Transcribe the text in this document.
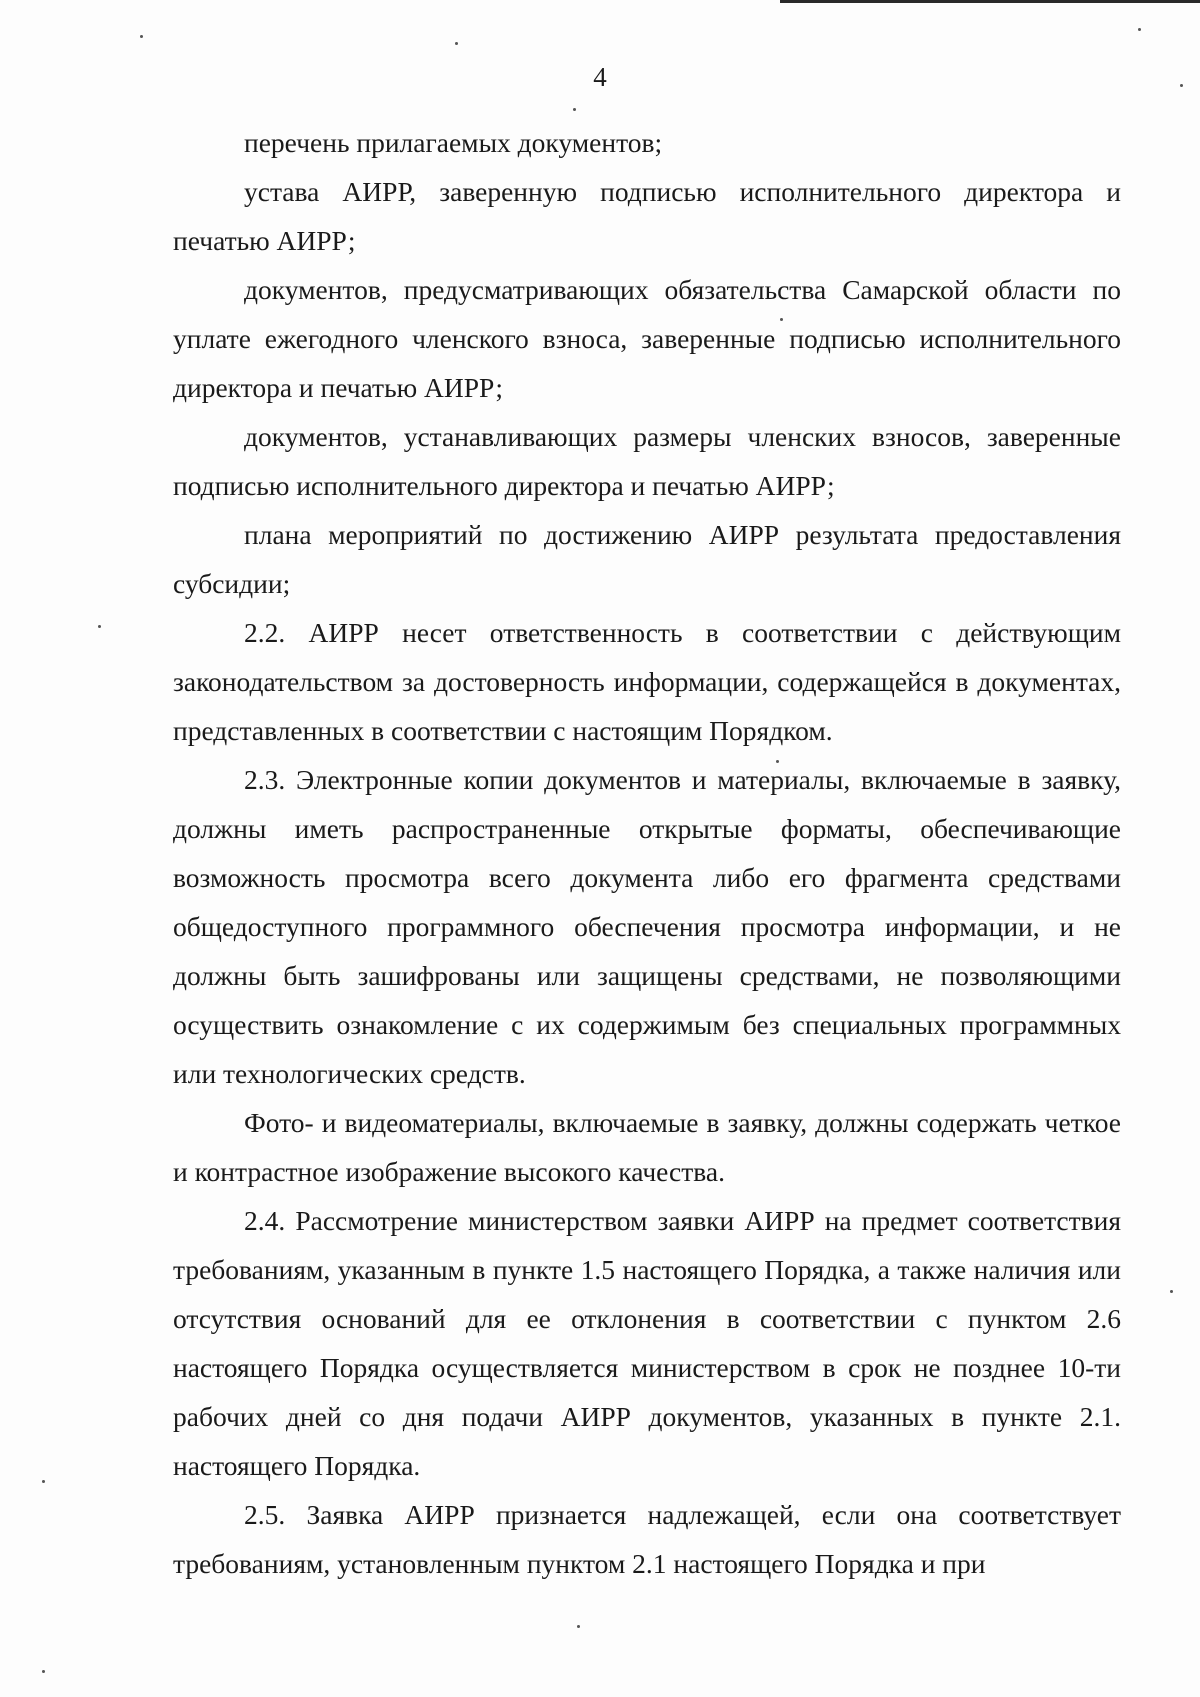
4

перечень прилагаемых документов;

устава АИРР, заверенную подписью исполнительного директора и печатью АИРР;

документов, предусматривающих обязательства Самарской области по уплате ежегодного членского взноса, заверенные подписью исполнительного директора и печатью АИРР;

документов, устанавливающих размеры членских взносов, заверенные подписью исполнительного директора и печатью АИРР;

плана мероприятий по достижению АИРР результата предоставления субсидии;

2.2. АИРР несет ответственность в соответствии с действующим законодательством за достоверность информации, содержащейся в документах, представленных в соответствии с настоящим Порядком.

2.3. Электронные копии документов и материалы, включаемые в заявку, должны иметь распространенные открытые форматы, обеспечивающие возможность просмотра всего документа либо его фрагмента средствами общедоступного программного обеспечения просмотра информации, и не должны быть зашифрованы или защищены средствами, не позволяющими осуществить ознакомление с их содержимым без специальных программных или технологических средств.

Фото- и видеоматериалы, включаемые в заявку, должны содержать четкое и контрастное изображение высокого качества.

2.4. Рассмотрение министерством заявки АИРР на предмет соответствия требованиям, указанным в пункте 1.5 настоящего Порядка, а также наличия или отсутствия оснований для ее отклонения в соответствии с пунктом 2.6 настоящего Порядка осуществляется министерством в срок не позднее 10-ти рабочих дней со дня подачи АИРР документов, указанных в пункте 2.1. настоящего Порядка.

2.5. Заявка АИРР признается надлежащей, если она соответствует требованиям, установленным пунктом 2.1 настоящего Порядка и при
